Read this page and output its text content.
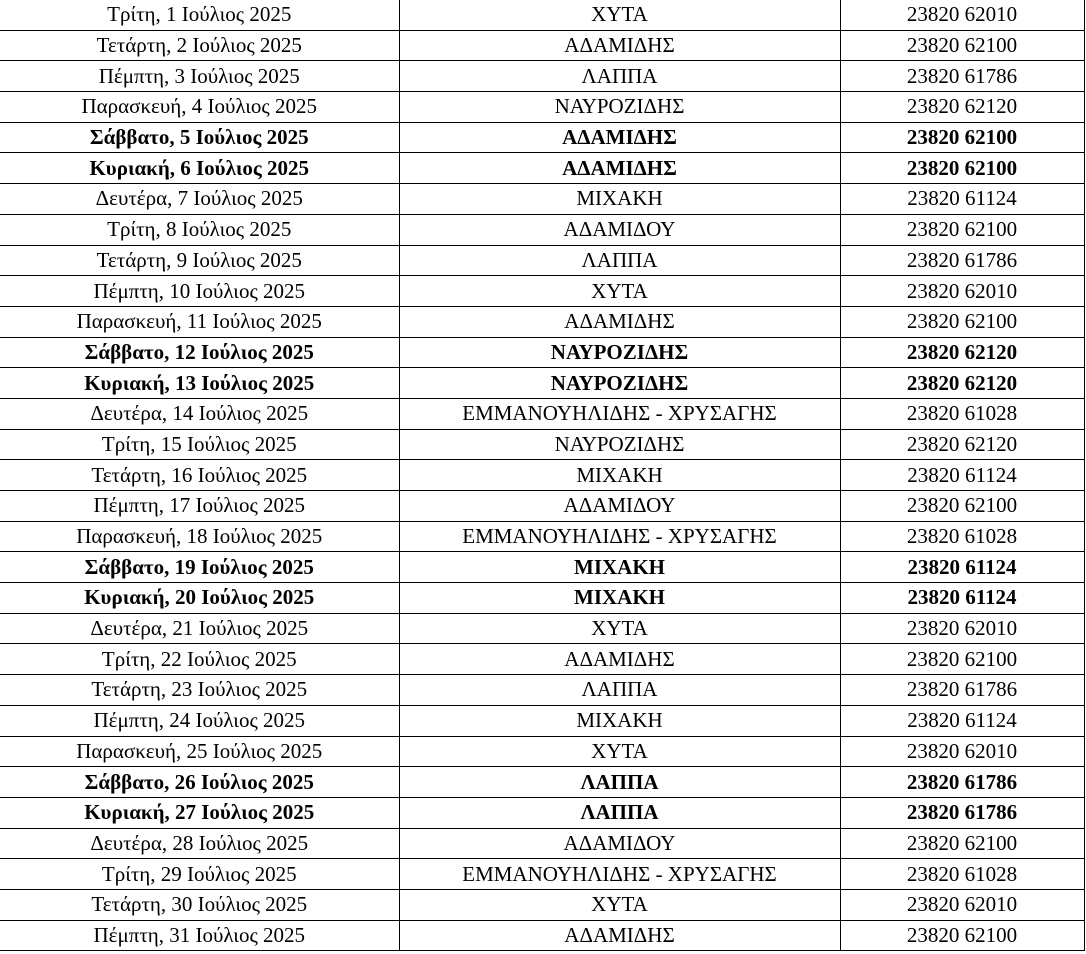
Τρίτη, 1 Ιούλιος 2025	ΧΥΤΑ	23820 62010
Τετάρτη, 2 Ιούλιος 2025	ΑΔΑΜΙΔΗΣ	23820 62100
Πέμπτη, 3 Ιούλιος 2025	ΛΑΠΠΑ	23820 61786
Παρασκευή, 4 Ιούλιος 2025	ΝΑΥΡΟΖΙΔΗΣ	23820 62120
Σάββατο, 5 Ιούλιος 2025	ΑΔΑΜΙΔΗΣ	23820 62100
Κυριακή, 6 Ιούλιος 2025	ΑΔΑΜΙΔΗΣ	23820 62100
Δευτέρα, 7 Ιούλιος 2025	ΜΙΧΑΚΗ	23820 61124
Τρίτη, 8 Ιούλιος 2025	ΑΔΑΜΙΔΟΥ	23820 62100
Τετάρτη, 9 Ιούλιος 2025	ΛΑΠΠΑ	23820 61786
Πέμπτη, 10 Ιούλιος 2025	ΧΥΤΑ	23820 62010
Παρασκευή, 11 Ιούλιος 2025	ΑΔΑΜΙΔΗΣ	23820 62100
Σάββατο, 12 Ιούλιος 2025	ΝΑΥΡΟΖΙΔΗΣ	23820 62120
Κυριακή, 13 Ιούλιος 2025	ΝΑΥΡΟΖΙΔΗΣ	23820 62120
Δευτέρα, 14 Ιούλιος 2025	ΕΜΜΑΝΟΥΗΛΙΔΗΣ - ΧΡΥΣΑΓΗΣ	23820 61028
Τρίτη, 15 Ιούλιος 2025	ΝΑΥΡΟΖΙΔΗΣ	23820 62120
Τετάρτη, 16 Ιούλιος 2025	ΜΙΧΑΚΗ	23820 61124
Πέμπτη, 17 Ιούλιος 2025	ΑΔΑΜΙΔΟΥ	23820 62100
Παρασκευή, 18 Ιούλιος 2025	ΕΜΜΑΝΟΥΗΛΙΔΗΣ - ΧΡΥΣΑΓΗΣ	23820 61028
Σάββατο, 19 Ιούλιος 2025	ΜΙΧΑΚΗ	23820 61124
Κυριακή, 20 Ιούλιος 2025	ΜΙΧΑΚΗ	23820 61124
Δευτέρα, 21 Ιούλιος 2025	ΧΥΤΑ	23820 62010
Τρίτη, 22 Ιούλιος 2025	ΑΔΑΜΙΔΗΣ	23820 62100
Τετάρτη, 23 Ιούλιος 2025	ΛΑΠΠΑ	23820 61786
Πέμπτη, 24 Ιούλιος 2025	ΜΙΧΑΚΗ	23820 61124
Παρασκευή, 25 Ιούλιος 2025	ΧΥΤΑ	23820 62010
Σάββατο, 26 Ιούλιος 2025	ΛΑΠΠΑ	23820 61786
Κυριακή, 27 Ιούλιος 2025	ΛΑΠΠΑ	23820 61786
Δευτέρα, 28 Ιούλιος 2025	ΑΔΑΜΙΔΟΥ	23820 62100
Τρίτη, 29 Ιούλιος 2025	ΕΜΜΑΝΟΥΗΛΙΔΗΣ - ΧΡΥΣΑΓΗΣ	23820 61028
Τετάρτη, 30 Ιούλιος 2025	ΧΥΤΑ	23820 62010
Πέμπτη, 31 Ιούλιος 2025	ΑΔΑΜΙΔΗΣ	23820 62100
